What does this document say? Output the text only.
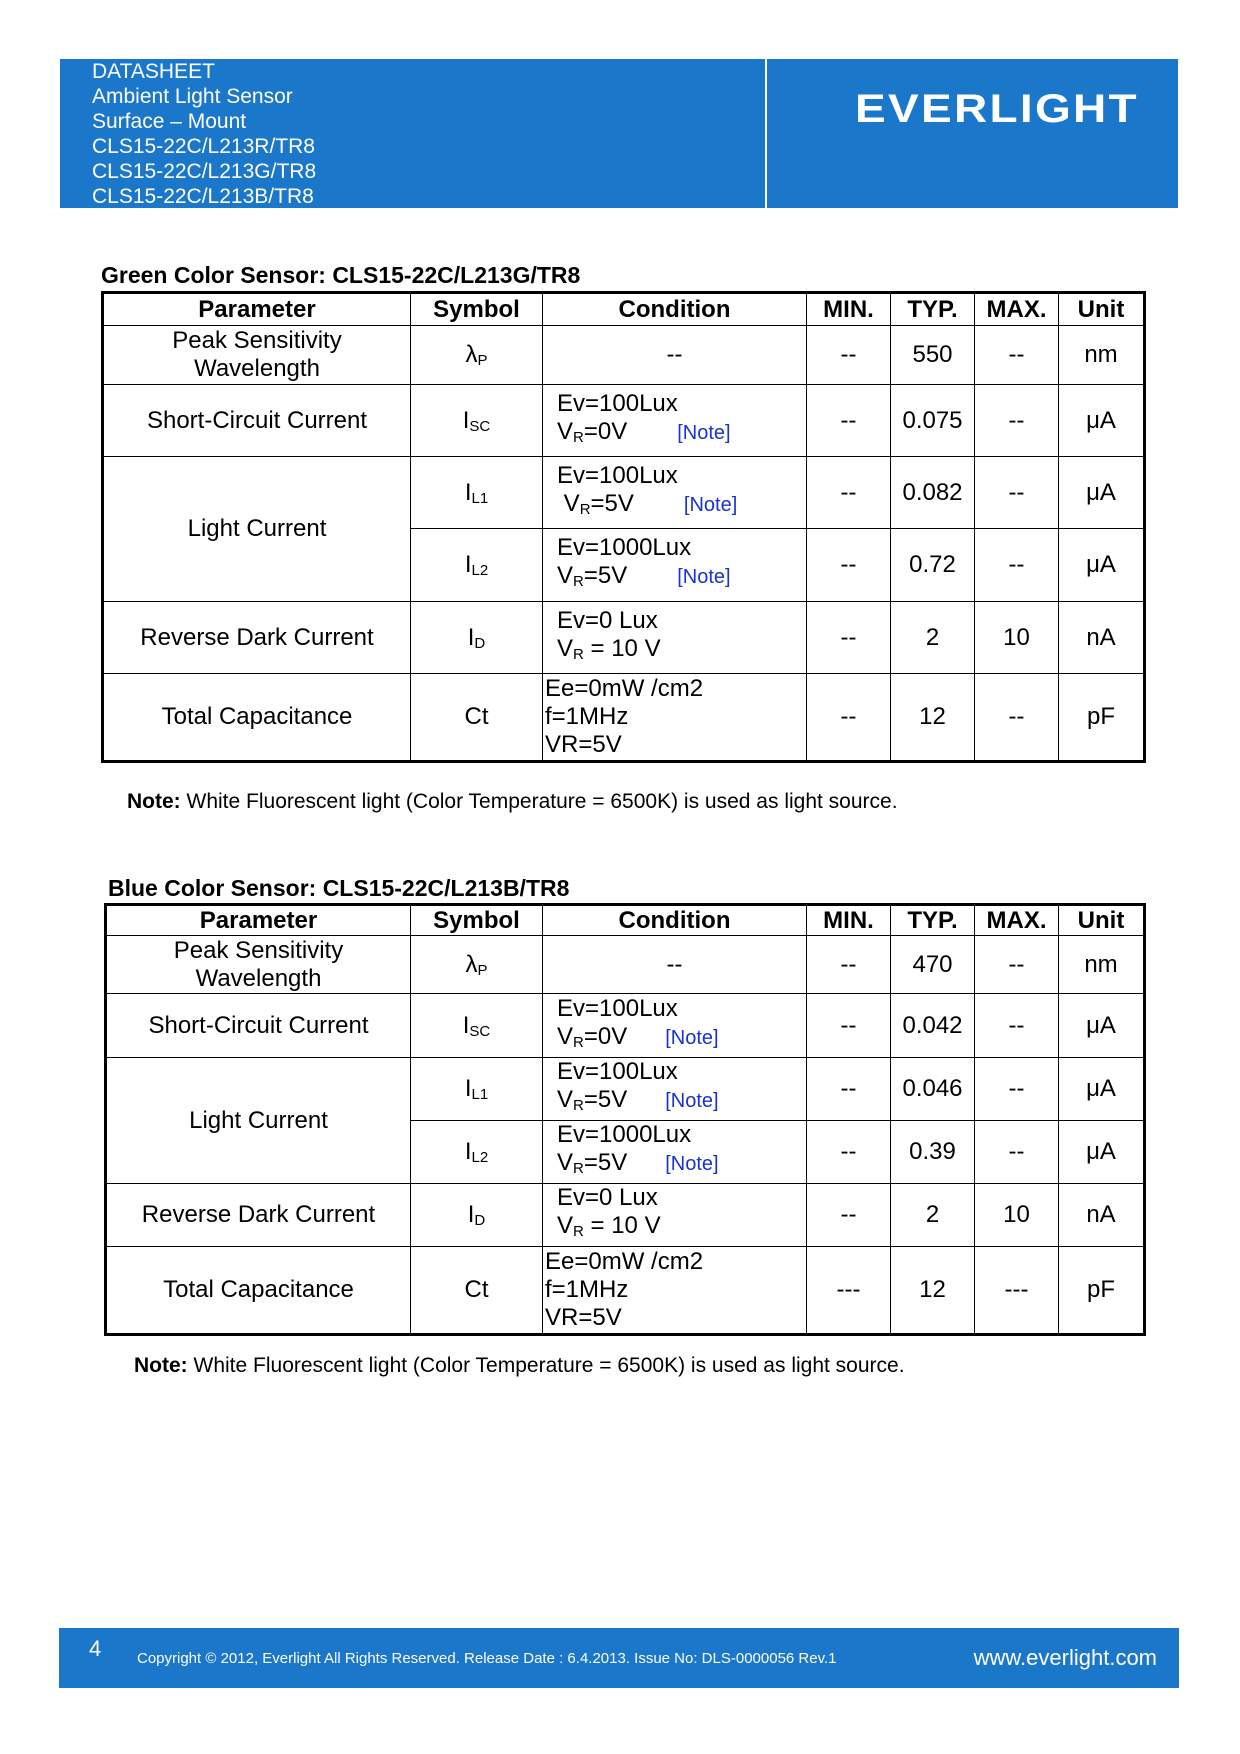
DATASHEET
Ambient Light Sensor
Surface – Mount
CLS15-22C/L213R/TR8
CLS15-22C/L213G/TR8
CLS15-22C/L213B/TR8
EVERLIGHT
Green Color Sensor: CLS15-22C/L213G/TR8
Parameter	Symbol	Condition	MIN.	TYP.	MAX.	Unit

Peak Sensitivity
Wavelength	$\lambda_P$	--	--	550	--	nm
Short-Circuit Current	$I_{SC}$	Ev=100Lux
$V_R=0V$ [Note]	--	0.075	--	μA
Light Current	$I_{L1}$	Ev=100Lux
$V_R=5V$ [Note]	--	0.082	--	μA
	$I_{L2}$	Ev=1000Lux
$V_R=5V$ [Note]	--	0.72	--	μA
Reverse Dark Current	$I_D$	Ev=0 Lux
$V_R = 10$ V	--	2	10	nA
Total Capacitance	Ct	Ee=0mW /cm2
f=1MHz
VR=5V	--	12	--	pF
Note: White Fluorescent light (Color Temperature = 6500K) is used as light source.
Blue Color Sensor: CLS15-22C/L213B/TR8
Parameter	Symbol	Condition	MIN.	TYP.	MAX.	Unit

Peak Sensitivity
Wavelength	$\lambda_P$	--	--	470	--	nm
Short-Circuit Current	$I_{SC}$	Ev=100Lux
$V_R=0V$ [Note]	--	0.042	--	μA
Light Current	$I_{L1}$	Ev=100Lux
$V_R=5V$ [Note]	--	0.046	--	μA
	$I_{L2}$	Ev=1000Lux
$V_R=5V$ [Note]	--	0.39	--	μA
Reverse Dark Current	$I_D$	Ev=0 Lux
$V_R = 10$ V	--	2	10	nA
Total Capacitance	Ct	Ee=0mW /cm2
f=1MHz
VR=5V	---	12	---	pF
Note: White Fluorescent light (Color Temperature = 6500K) is used as light source.
4 Copyright © 2012, Everlight All Rights Reserved. Release Date : 6.4.2013. Issue No: DLS-0000056 Rev.1	www.everlight.com
